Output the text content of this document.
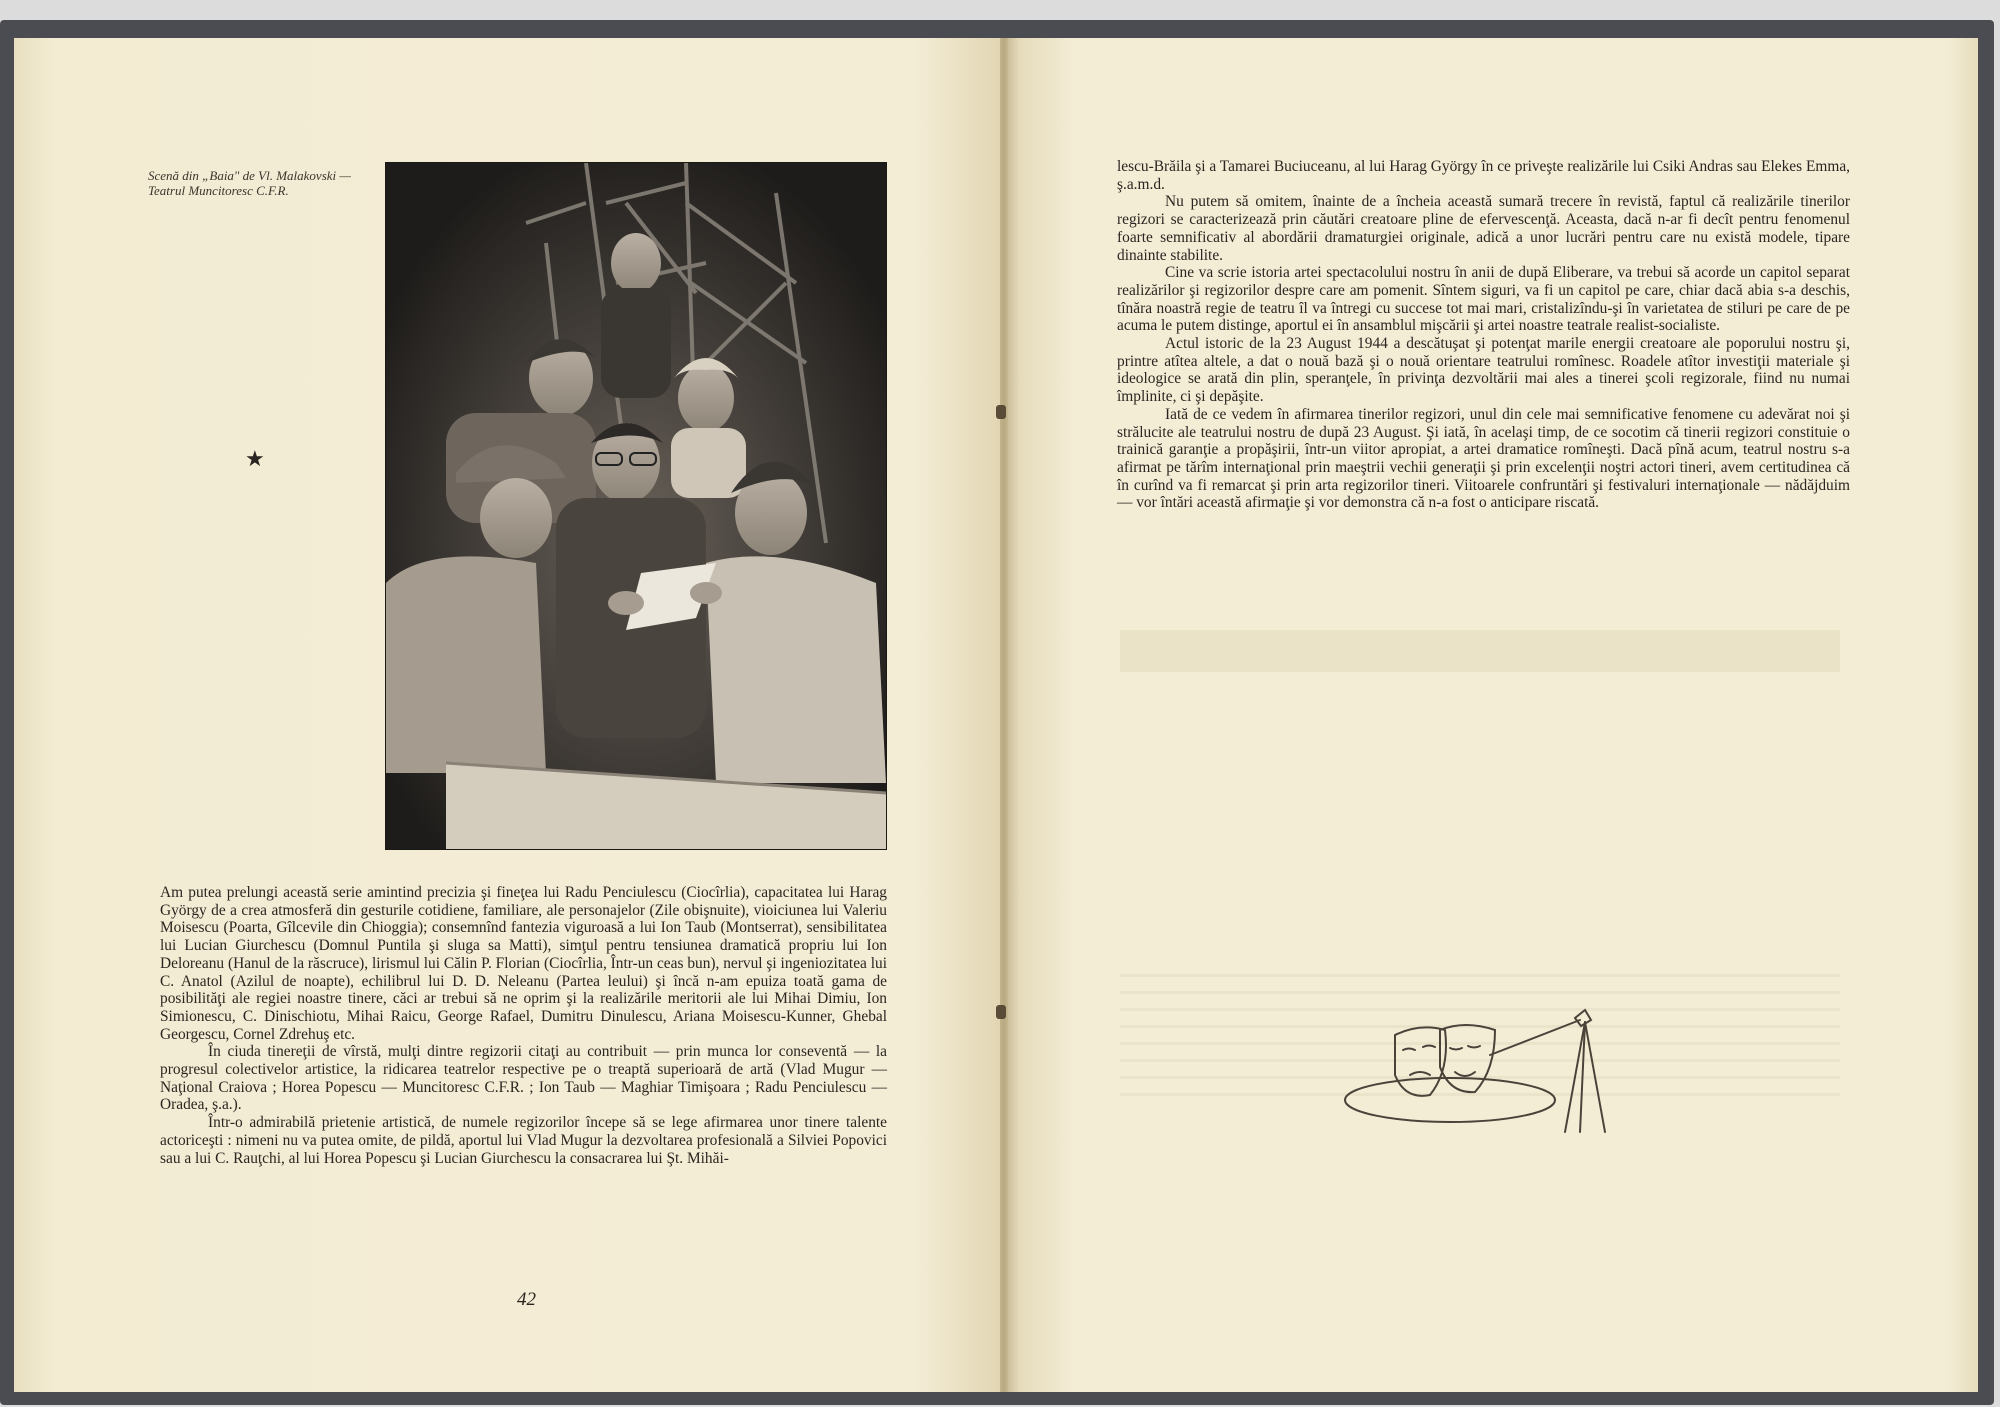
Scenă din „Baia" de Vl. Malakovski — Teatrul Muncitoresc C.F.R.
★

Am putea prelungi această serie amintind precizia şi fineţea lui Radu Penciulescu (Ciocîrlia), capacitatea lui Harag György de a crea atmosferă din gesturile cotidiene, familiare, ale personajelor (Zile obişnuite), vioiciunea lui Valeriu Moisescu (Poarta, Gîlcevile din Chioggia); consemnînd fantezia viguroasă a lui Ion Taub (Montserrat), sensibilitatea lui Lucian Giurchescu (Domnul Puntila şi sluga sa Matti), simţul pentru tensiunea dramatică propriu lui Ion Deloreanu (Hanul de la răscruce), lirismul lui Călin P. Florian (Ciocîrlia, Într-un ceas bun), nervul şi ingeniozitatea lui C. Anatol (Azilul de noapte), echilibrul lui D. D. Neleanu (Partea leului) şi încă n-am epuiza toată gama de posibilităţi ale regiei noastre tinere, căci ar trebui să ne oprim şi la realizările meritorii ale lui Mihai Dimiu, Ion Simionescu, C. Dinischiotu, Mihai Raicu, George Rafael, Dumitru Dinulescu, Ariana Moisescu-Kunner, Ghebal Georgescu, Cornel Zdrehuş etc.

În ciuda tinereţii de vîrstă, mulţi dintre regizorii citaţi au contribuit — prin munca lor conseventă — la progresul colectivelor artistice, la ridicarea teatrelor respective pe o treaptă superioară de artă (Vlad Mugur — Naţional Craiova ; Horea Popescu — Muncitoresc C.F.R. ; Ion Taub — Maghiar Timişoara ; Radu Penciulescu — Oradea, ş.a.).

Într-o admirabilă prietenie artistică, de numele regizorilor începe să se lege afirmarea unor tinere talente actoriceşti : nimeni nu va putea omite, de pildă, aportul lui Vlad Mugur la dezvoltarea profesională a Silviei Popovici sau a lui C. Rauţchi, al lui Horea Popescu şi Lucian Giurchescu la consacrarea lui Şt. Mihăi-

42

lescu-Brăila şi a Tamarei Buciuceanu, al lui Harag György în ce priveşte realizările lui Csiki Andras sau Elekes Emma, ş.a.m.d.

Nu putem să omitem, înainte de a încheia această sumară trecere în revistă, faptul că realizările tinerilor regizori se caracterizează prin căutări creatoare pline de efervescenţă. Aceasta, dacă n-ar fi decît pentru fenomenul foarte semnificativ al abordării dramaturgiei originale, adică a unor lucrări pentru care nu există modele, tipare dinainte stabilite.

Cine va scrie istoria artei spectacolului nostru în anii de după Eliberare, va trebui să acorde un capitol separat realizărilor şi regizorilor despre care am pomenit. Sîntem siguri, va fi un capitol pe care, chiar dacă abia s-a deschis, tînăra noastră regie de teatru îl va întregi cu succese tot mai mari, cristalizîndu-şi în varietatea de stiluri pe care de pe acuma le putem distinge, aportul ei în ansamblul mişcării şi artei noastre teatrale realist-socialiste.

Actul istoric de la 23 August 1944 a descătuşat şi potenţat marile energii creatoare ale poporului nostru şi, printre atîtea altele, a dat o nouă bază şi o nouă orientare teatrului romînesc. Roadele atîtor investiţii materiale şi ideologice se arată din plin, speranţele, în privinţa dezvoltării mai ales a tinerei şcoli regizorale, fiind nu numai împlinite, ci şi depăşite.

Iată de ce vedem în afirmarea tinerilor regizori, unul din cele mai semnificative fenomene cu adevărat noi şi strălucite ale teatrului nostru de după 23 August. Şi iată, în acelaşi timp, de ce socotim că tinerii regizori constituie o trainică garanţie a propăşirii, într-un viitor apropiat, a artei dramatice romîneşti. Dacă pînă acum, teatrul nostru s-a afirmat pe tărîm internaţional prin maeştrii vechii generaţii şi prin excelenţii noştri actori tineri, avem certitudinea că în curînd va fi remarcat şi prin arta regizorilor tineri. Viitoarele confruntări şi festivaluri internaţionale — nădăjduim — vor întări această afirmaţie şi vor demonstra că n-a fost o anticipare riscată.
